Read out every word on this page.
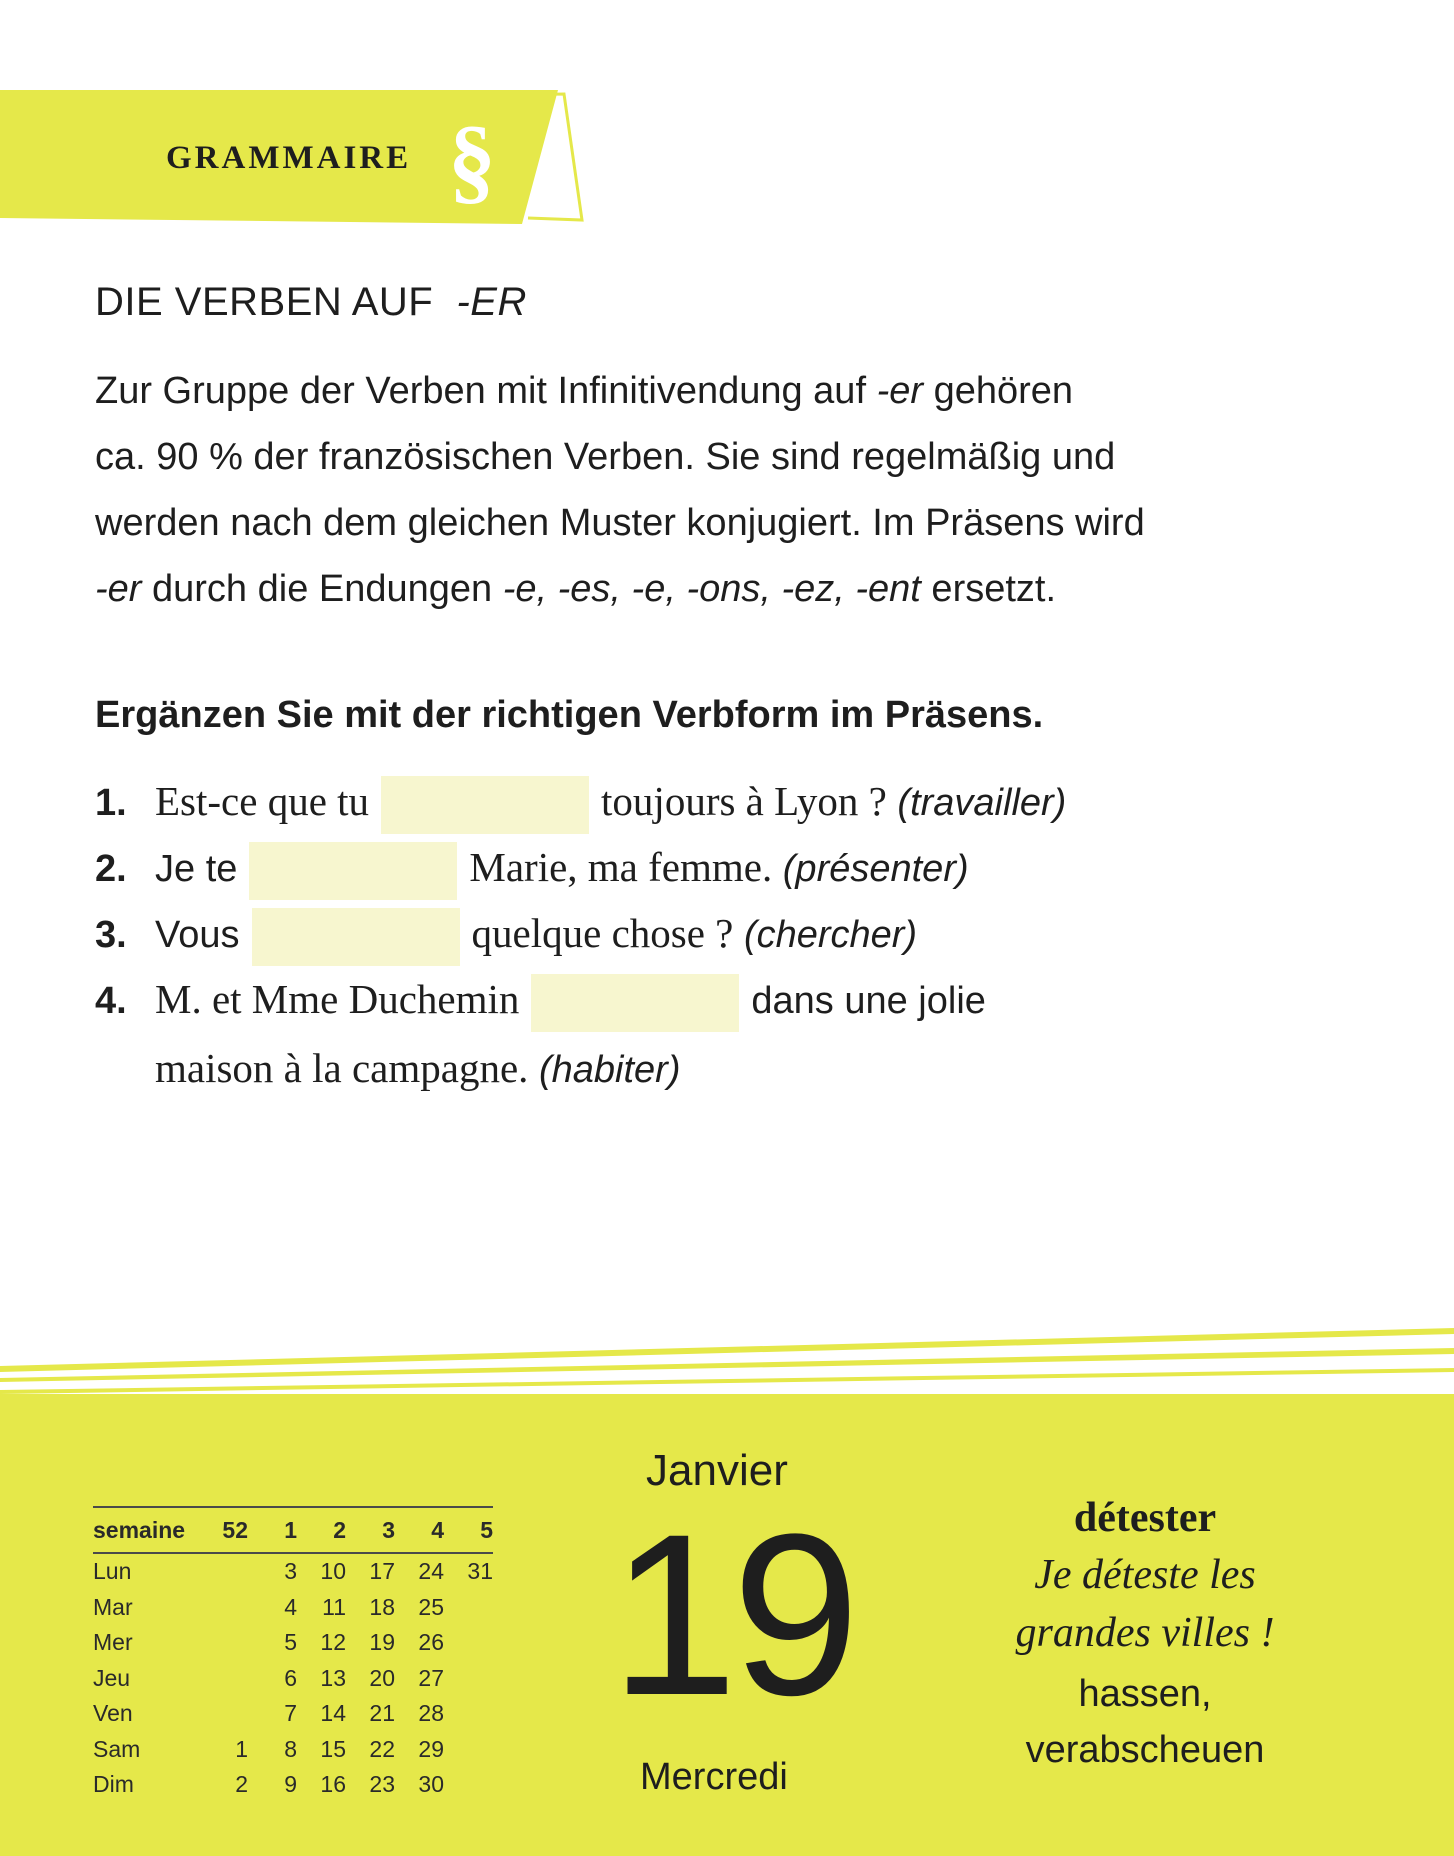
GRAMMAIRE §
DIE VERBEN AUF -ER

Zur Gruppe der Verben mit Infinitivendung auf -er gehören

ca. 90 % der französischen Verben. Sie sind regelmäßig und

werden nach dem gleichen Muster konjugiert. Im Präsens wird

-er durch die Endungen -e, -es, -e, -ons, -ez, -ent ersetzt.

Ergänzen Sie mit der richtigen Verbform im Präsens.
1. Est-ce que tu	toujours à Lyon ? (travailler)
2. Je te	Marie, ma femme. (présenter)
3. Vous	quelque chose ? (chercher)
4. M. et Mme Duchemin	dans une jolie
maison à la campagne. (habiter)
semaine	52	1	2	3	4	5
Lun		3	10	17	24	31
Mar		4	11	18	25	
Mer		5	12	19	26	
Jeu		6	13	20	27	
Ven		7	14	21	28	
Sam	1	8	15	22	29	
Dim	2	9	16	23	30	
Janvier
19
Mercredi
détester
Je déteste les
grandes villes !
hassen,
verabscheuen
